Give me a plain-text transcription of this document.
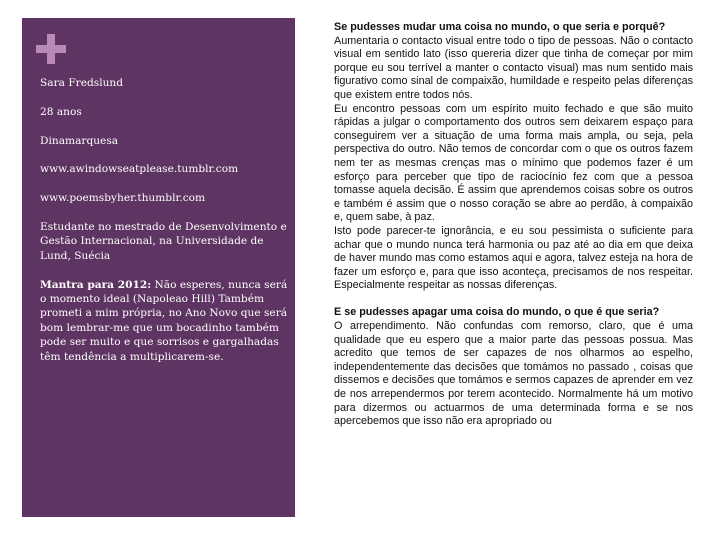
Sara Fredslund

28 anos

Dinamarquesa

www.awindowseatplease.tumblr.com

www.poemsbyher.thumblr.com

Estudante no mestrado de Desenvolvimento e Gestão Internacional, na Universidade de Lund, Suécia

Mantra para 2012: Não esperes, nunca será o momento ideal (Napoleao Hill) Também prometi a mim própria, no Ano Novo que será bom lembrar-me que um bocadinho também pode ser muito e que sorrisos e gargalhadas têm tendência a multiplicarem-se.

Se pudesses mudar uma coisa no mundo, o que seria e porquê?

Aumentaria o contacto visual entre todo o tipo de pessoas. Não o contacto visual em sentido lato (isso quereria dizer que tinha de começar por mim porque eu sou terrível a manter o contacto visual) mas num sentido mais figurativo como sinal de compaixão, humildade e respeito pelas diferenças que existem entre todos nós.

Eu encontro pessoas com um espírito muito fechado e que são muito rápidas a julgar o comportamento dos outros sem deixarem espaço para conseguirem ver a situação de uma forma mais ampla, ou seja, pela perspectiva do outro. Não temos de concordar com o que os outros fazem nem ter as mesmas crenças mas o mínimo que podemos fazer é um esforço para perceber que tipo de raciocínio fez com que a pessoa tomasse aquela decisão. É assim que aprendemos coisas sobre os outros e também é assim que o nosso coração se abre ao perdão, à compaixão e, quem sabe, à paz.

Isto pode parecer-te ignorância, e eu sou pessimista o suficiente para achar que o mundo nunca terá harmonia ou paz até ao dia em que deixa de haver mundo mas como estamos aqui e agora, talvez esteja na hora de fazer um esforço e, para que isso aconteça, precisamos de nos respeitar. Especialmente respeitar as nossas diferenças.

E se pudesses apagar uma coisa do mundo, o que é que seria?

O arrependimento. Não confundas com remorso, claro, que é uma qualidade que eu espero que a maior parte das pessoas possua. Mas acredito que temos de ser capazes de nos olharmos ao espelho, independentemente das decisões que tomámos no passado , coisas que dissemos e decisões que tomámos e sermos capazes de aprender em vez de nos arrependermos por terem acontecido. Normalmente há um motivo para dizermos ou actuarmos de uma determinada forma e se nos apercebemos que isso não era apropriado ou
